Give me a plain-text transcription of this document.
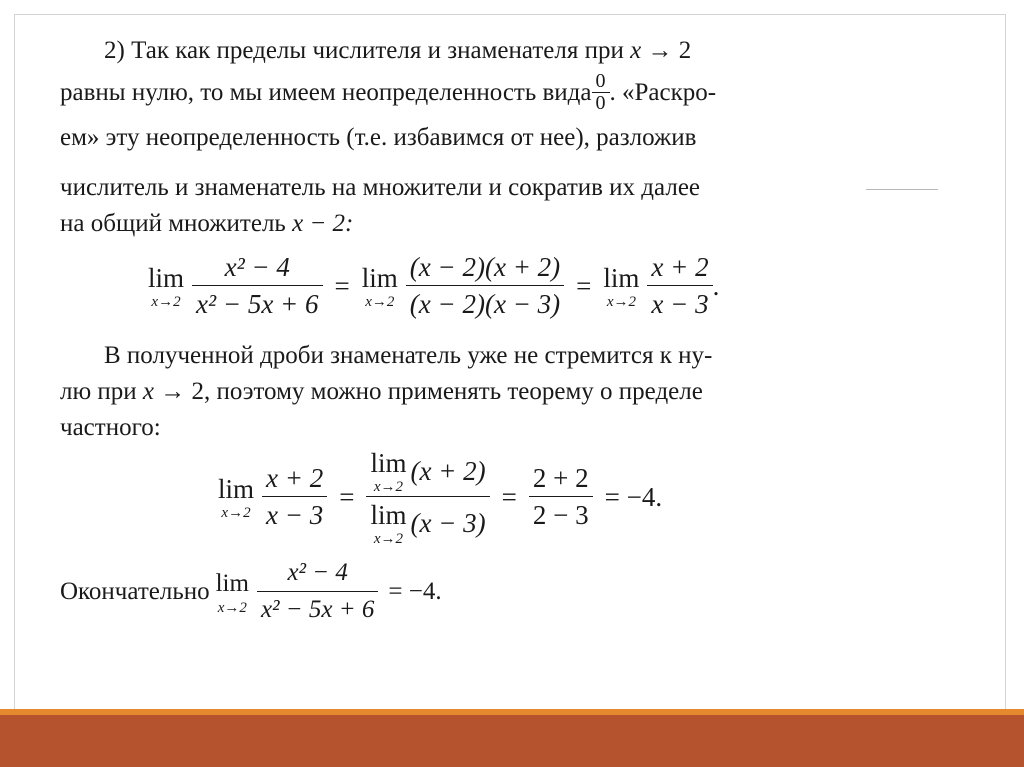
2) Так как пределы числителя и знаменателя при x → 2
равны нулю, то мы имеем неопределенность вида $\frac{0}{0}$ . «Раскро-
ем» эту неопределенность (т.е. избавимся от нее), разложив
числитель и знаменатель на множители и сократив их далее
на общий множитель x − 2:
lim
$x\to 2 \frac{\text{x² − 4}}{\text{x² − 5x + 6}} = \lim$
$x\to 2 \frac{(x - 2)(x + 2)}{(x - 2)(x - 3)} = \lim$
$x\to 2 \frac{x + 2}{x - 3}$ .
В полученной дроби знаменатель уже не стремится к ну-
лю при x → 2, поэтому можно применять теорему о пределе
частного:
lim
$x\to 2 \frac{x + 2}{x - 3} = \lim$
x→2
(x + 2)
lim
x→2
$(x - 3) = \frac{2 + 2}{2 - 3} = -4$.
Окончательно lim
$x\to 2 \frac{\text{x² − 4}}{\text{x² − 5x + 6}} = -4$.
